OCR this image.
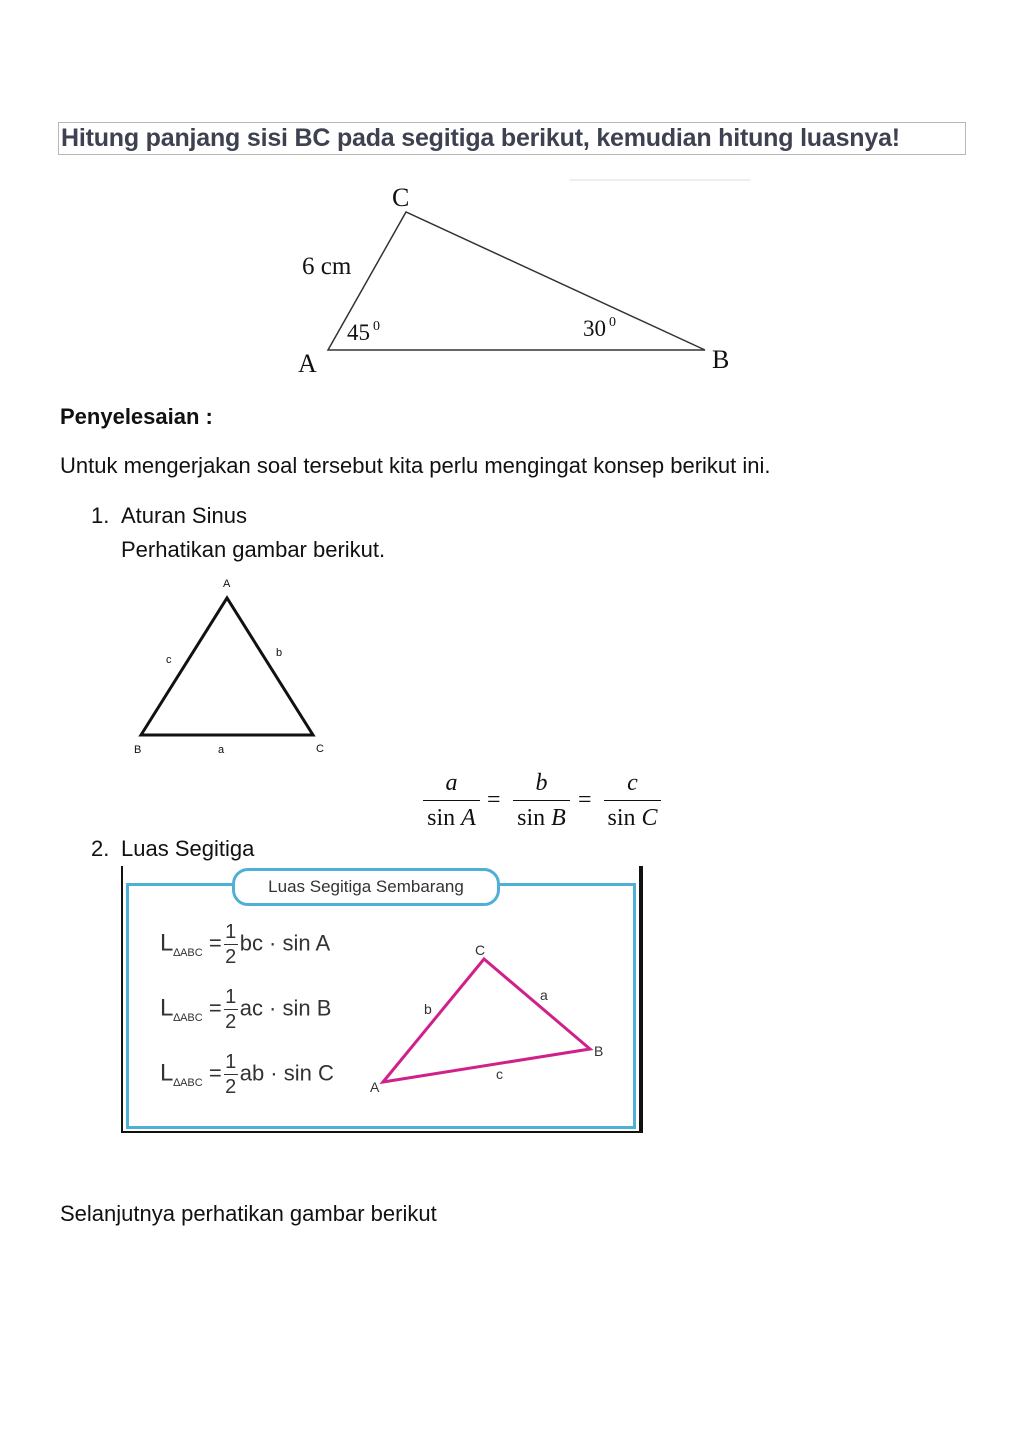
Hitung panjang sisi BC pada segitiga berikut, kemudian hitung luasnya!
C
A	B
6 cm
45 0	30 0
Penyelesaian :
Untuk mengerjakan soal tersebut kita perlu mengingat konsep berikut ini.
1. Aturan Sinus
Perhatikan gambar berikut.
A
B	C
c
b
a
a
sin A
=
b
sin B
=
c
sin C
2. Luas Segitiga
Luas Segitiga Sembarang
$L_{\Delta ABC} = \frac{1}{2}bc \cdot \sin A$
$L_{\Delta ABC} = \frac{1}{2}ac \cdot \sin B$
$L_{\Delta ABC} = \frac{1}{2}ab \cdot \sin C$
C
A
B
b
a
c
Selanjutnya perhatikan gambar berikut
